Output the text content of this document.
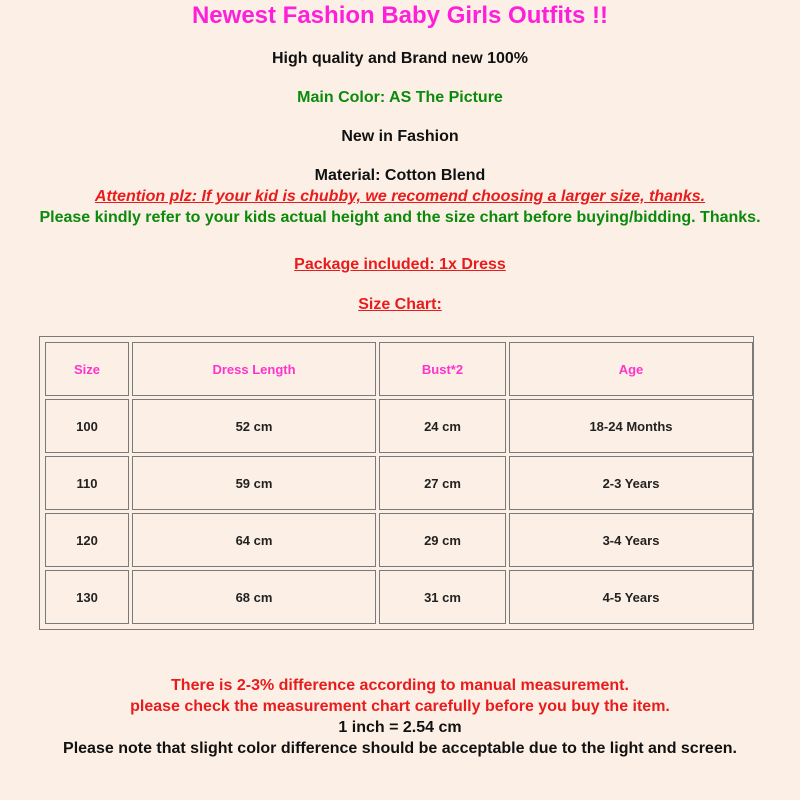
Newest Fashion Baby Girls Outfits !!
High quality and Brand new 100%
Main Color: AS The Picture
New in Fashion
Material: Cotton Blend
Attention plz: If your kid is chubby, we recomend choosing a larger size, thanks.
Please kindly refer to your kids actual height and the size chart before buying/bidding. Thanks.
Package included: 1x Dress
Size Chart:
Size	Dress Length	Bust*2	Age
100	52 cm	24 cm	18-24 Months
110	59 cm	27 cm	2-3 Years
120	64 cm	29 cm	3-4 Years
130	68 cm	31 cm	4-5 Years
There is 2-3% difference according to manual measurement.
please check the measurement chart carefully before you buy the item.
1 inch = 2.54 cm
Please note that slight color difference should be acceptable due to the light and screen.
